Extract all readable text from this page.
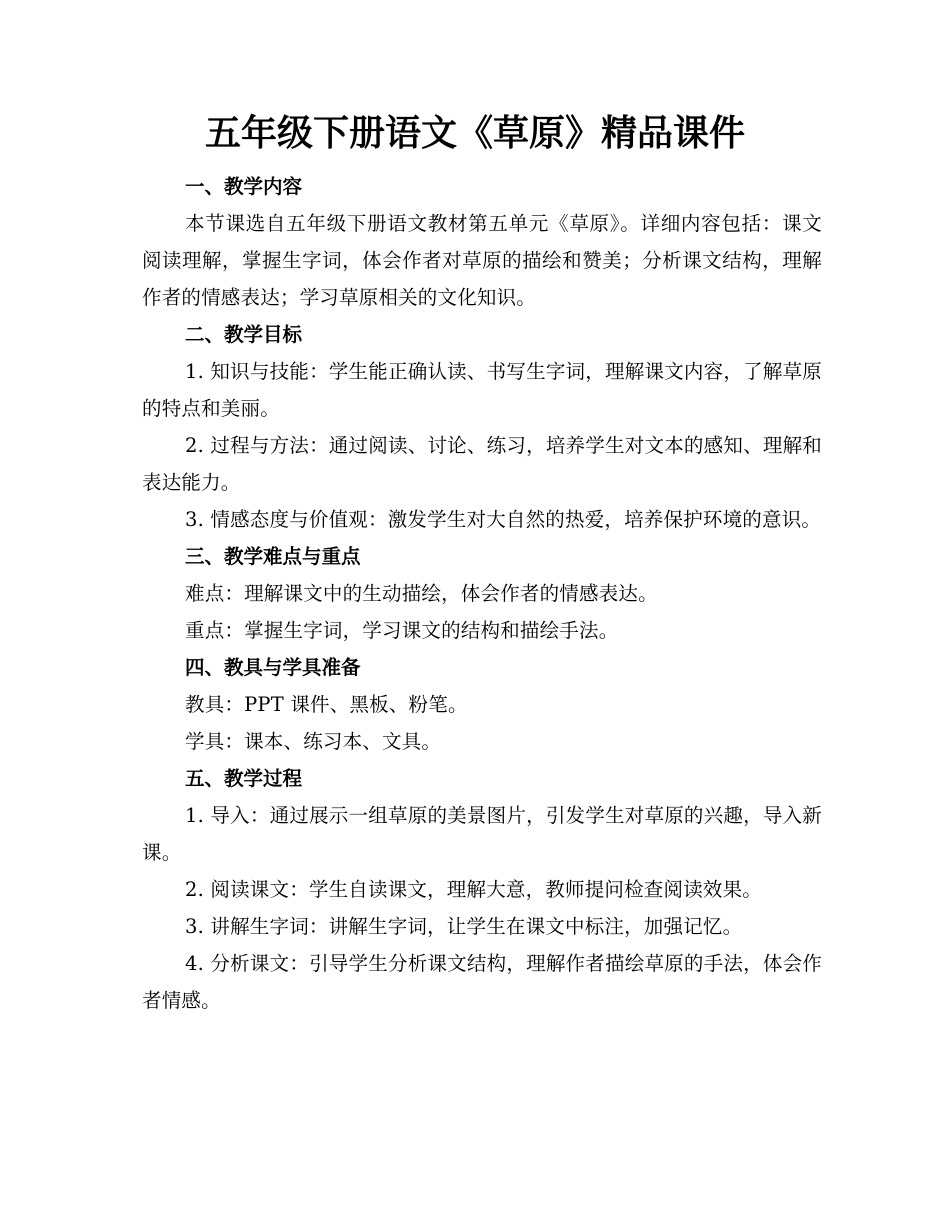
五年级下册语文《草原》精品课件

一、教学内容

本节课选自五年级下册语文教材第五单元《草原》。详细内容包括：课文阅读理解，掌握生字词，体会作者对草原的描绘和赞美；分析课文结构，理解作者的情感表达；学习草原相关的文化知识。

二、教学目标

1. 知识与技能：学生能正确认读、书写生字词，理解课文内容，了解草原的特点和美丽。

2. 过程与方法：通过阅读、讨论、练习，培养学生对文本的感知、理解和表达能力。

3. 情感态度与价值观：激发学生对大自然的热爱，培养保护环境的意识。

三、教学难点与重点

难点：理解课文中的生动描绘，体会作者的情感表达。

重点：掌握生字词，学习课文的结构和描绘手法。

四、教具与学具准备

教具：PPT 课件、黑板、粉笔。

学具：课本、练习本、文具。

五、教学过程

1. 导入：通过展示一组草原的美景图片，引发学生对草原的兴趣，导入新课。

2. 阅读课文：学生自读课文，理解大意，教师提问检查阅读效果。

3. 讲解生字词：讲解生字词，让学生在课文中标注，加强记忆。

4. 分析课文：引导学生分析课文结构，理解作者描绘草原的手法，体会作者情感。
